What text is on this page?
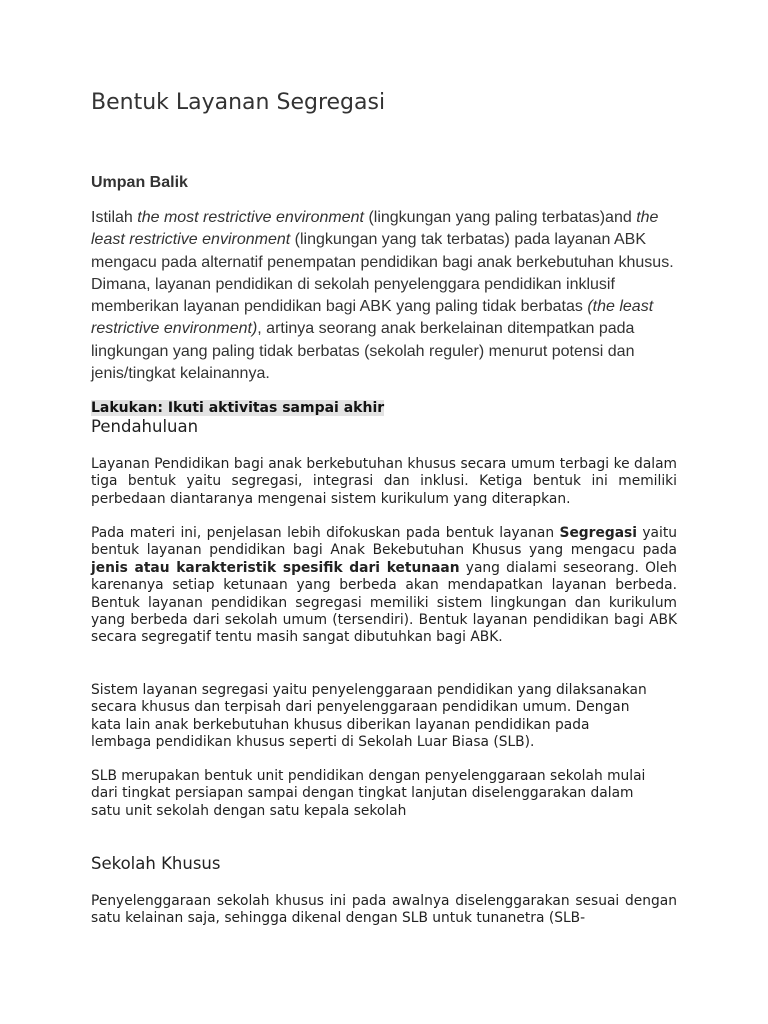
Bentuk Layanan Segregasi
Umpan Balik

Istilah the most restrictive environment (lingkungan yang paling terbatas)and the least restrictive environment (lingkungan yang tak terbatas) pada layanan ABK mengacu pada alternatif penempatan pendidikan bagi anak berkebutuhan khusus. Dimana, layanan pendidikan di sekolah penyelenggara pendidikan inklusif memberikan layanan pendidikan bagi ABK yang paling tidak berbatas (the least restrictive environment), artinya seorang anak berkelainan ditempatkan pada lingkungan yang paling tidak berbatas (sekolah reguler) menurut potensi dan jenis/tingkat kelainannya.

Lakukan: Ikuti aktivitas sampai akhir

Pendahuluan

Layanan Pendidikan bagi anak berkebutuhan khusus secara umum terbagi ke dalam tiga bentuk yaitu segregasi, integrasi dan inklusi. Ketiga bentuk ini memiliki perbedaan diantaranya mengenai sistem kurikulum yang diterapkan.

Pada materi ini, penjelasan lebih difokuskan pada bentuk layanan Segregasi yaitu bentuk layanan pendidikan bagi Anak Bekebutuhan Khusus yang mengacu pada jenis atau karakteristik spesifik dari ketunaan yang dialami seseorang. Oleh karenanya setiap ketunaan yang berbeda akan mendapatkan layanan berbeda. Bentuk layanan pendidikan segregasi memiliki sistem lingkungan dan kurikulum yang berbeda dari sekolah umum (tersendiri). Bentuk layanan pendidikan bagi ABK secara segregatif tentu masih sangat dibutuhkan bagi ABK.

Sistem layanan segregasi yaitu penyelenggaraan pendidikan yang dilaksanakan
secara khusus dan terpisah dari penyelenggaraan pendidikan umum. Dengan
kata lain anak berkebutuhan khusus diberikan layanan pendidikan pada
lembaga pendidikan khusus seperti di Sekolah Luar Biasa (SLB).
SLB merupakan bentuk unit pendidikan dengan penyelenggaraan sekolah mulai
dari tingkat persiapan sampai dengan tingkat lanjutan diselenggarakan dalam
satu unit sekolah dengan satu kepala sekolah
Sekolah Khusus

Penyelenggaraan sekolah khusus ini pada awalnya diselenggarakan sesuai dengan satu kelainan saja, sehingga dikenal dengan SLB untuk tunanetra (SLB-
